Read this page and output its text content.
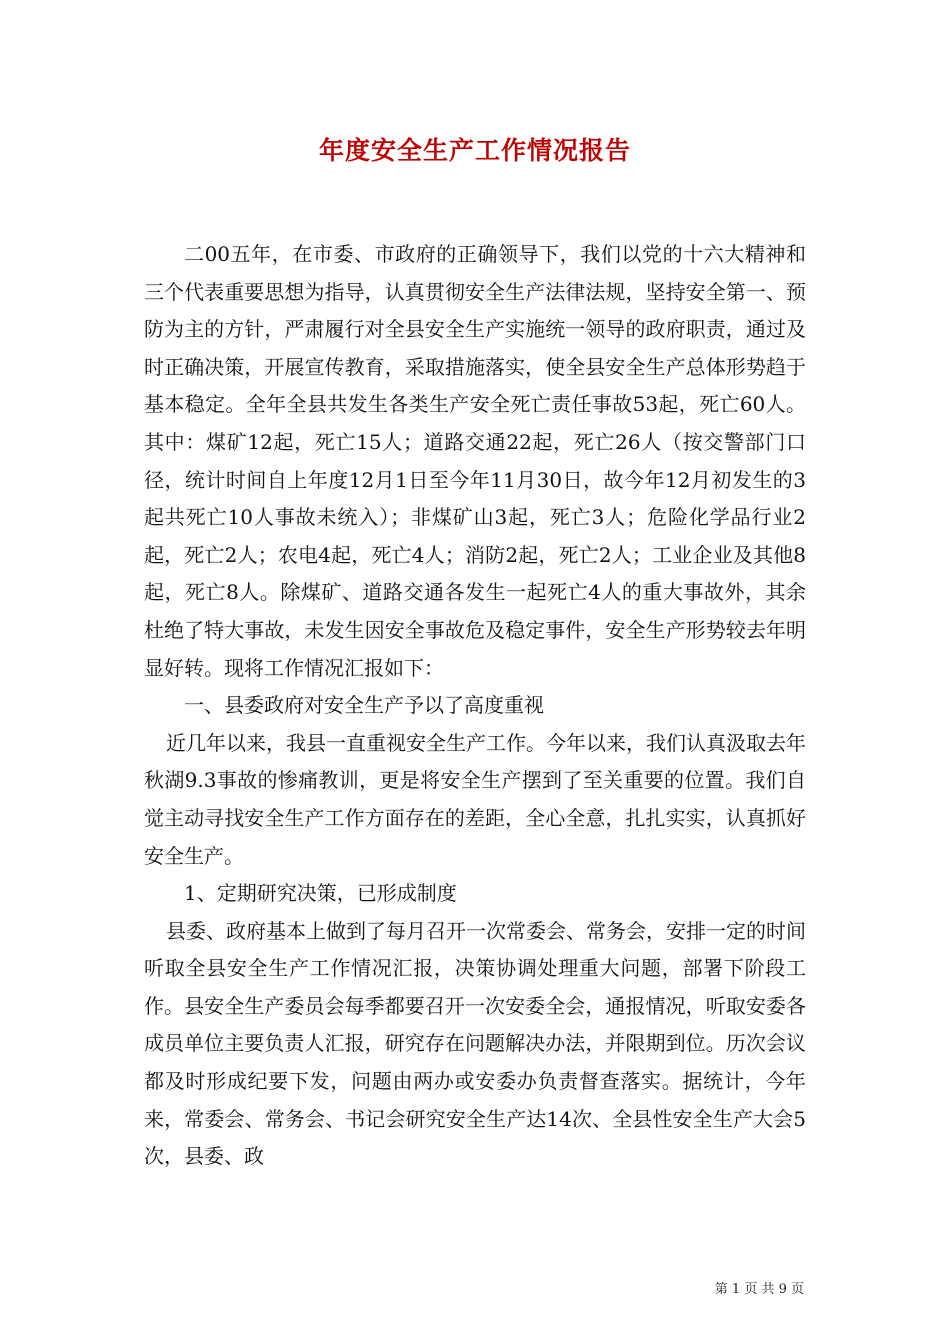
年度安全生产工作情况报告

二00五年，在市委、市政府的正确领导下，我们以党的十六大精神和三个代表重要思想为指导，认真贯彻安全生产法律法规，坚持安全第一、预防为主的方针，严肃履行对全县安全生产实施统一领导的政府职责，通过及时正确决策，开展宣传教育，采取措施落实，使全县安全生产总体形势趋于基本稳定。全年全县共发生各类生产安全死亡责任事故53起，死亡60人。其中：煤矿12起，死亡15人；道路交通22起，死亡26人（按交警部门口径，统计时间自上年度12月1日至今年11月30日，故今年12月初发生的3起共死亡10人事故未统入）；非煤矿山3起，死亡3人；危险化学品行业2起，死亡2人；农电4起，死亡4人；消防2起，死亡2人；工业企业及其他8起，死亡8人。除煤矿、道路交通各发生一起死亡4人的重大事故外，其余杜绝了特大事故，未发生因安全事故危及稳定事件，安全生产形势较去年明显好转。现将工作情况汇报如下：

一、县委政府对安全生产予以了高度重视

近几年以来，我县一直重视安全生产工作。今年以来，我们认真汲取去年秋湖9.3事故的惨痛教训，更是将安全生产摆到了至关重要的位置。我们自觉主动寻找安全生产工作方面存在的差距，全心全意，扎扎实实，认真抓好安全生产。

1、定期研究决策，已形成制度

县委、政府基本上做到了每月召开一次常委会、常务会，安排一定的时间听取全县安全生产工作情况汇报，决策协调处理重大问题，部署下阶段工作。县安全生产委员会每季都要召开一次安委全会，通报情况，听取安委各成员单位主要负责人汇报，研究存在问题解决办法，并限期到位。历次会议都及时形成纪要下发，问题由两办或安委办负责督查落实。据统计，今年来，常委会、常务会、书记会研究安全生产达14次、全县性安全生产大会5次，县委、政

第 1 页 共 9 页
